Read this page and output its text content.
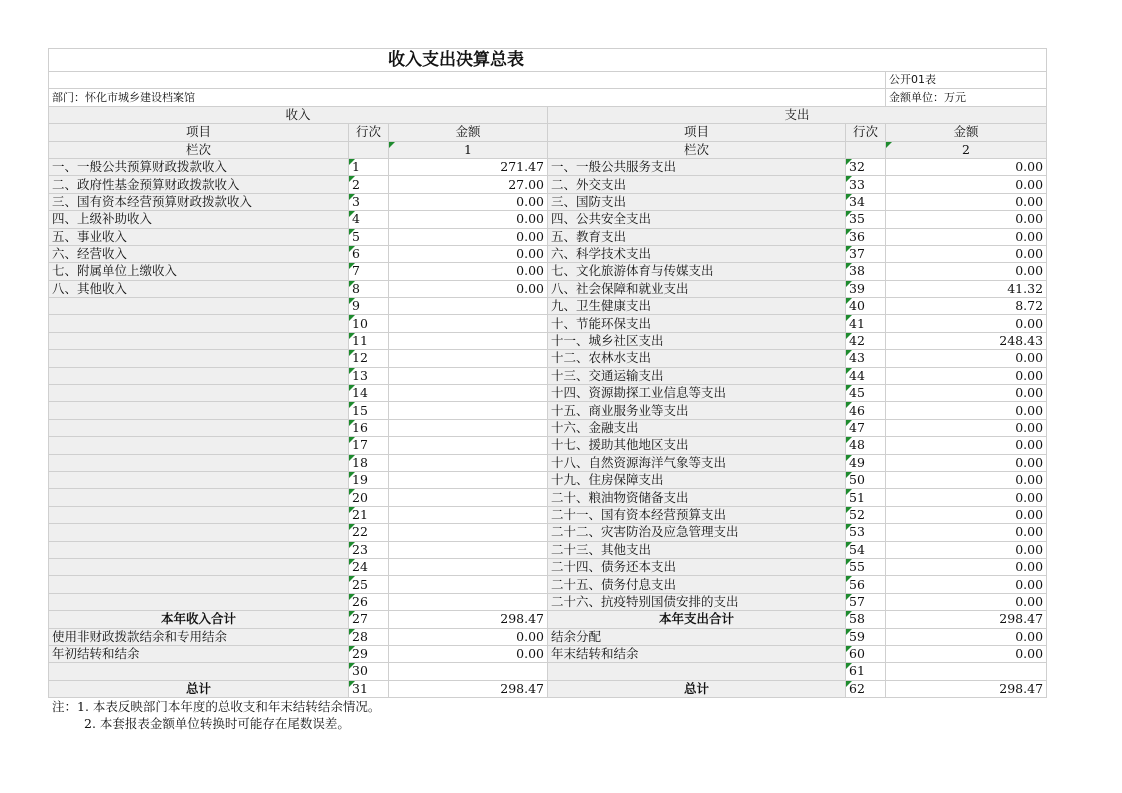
收入支出决算总表					
					公开01表
部门：怀化市城乡建设档案馆					金额单位：万元
收入			支出		
项目	行次	金额	项目	行次	金额
栏次		1	栏次		2
一、一般公共预算财政拨款收入	1	271.47	一、一般公共服务支出	32	0.00
二、政府性基金预算财政拨款收入	2	27.00	二、外交支出	33	0.00
三、国有资本经营预算财政拨款收入	3	0.00	三、国防支出	34	0.00
四、上级补助收入	4	0.00	四、公共安全支出	35	0.00
五、事业收入	5	0.00	五、教育支出	36	0.00
六、经营收入	6	0.00	六、科学技术支出	37	0.00
七、附属单位上缴收入	7	0.00	七、文化旅游体育与传媒支出	38	0.00
八、其他收入	8	0.00	八、社会保障和就业支出	39	41.32
	9		九、卫生健康支出	40	8.72
	10		十、节能环保支出	41	0.00
	11		十一、城乡社区支出	42	248.43
	12		十二、农林水支出	43	0.00
	13		十三、交通运输支出	44	0.00
	14		十四、资源勘探工业信息等支出	45	0.00
	15		十五、商业服务业等支出	46	0.00
	16		十六、金融支出	47	0.00
	17		十七、援助其他地区支出	48	0.00
	18		十八、自然资源海洋气象等支出	49	0.00
	19		十九、住房保障支出	50	0.00
	20		二十、粮油物资储备支出	51	0.00
	21		二十一、国有资本经营预算支出	52	0.00
	22		二十二、灾害防治及应急管理支出	53	0.00
	23		二十三、其他支出	54	0.00
	24		二十四、债务还本支出	55	0.00
	25		二十五、债务付息支出	56	0.00
	26		二十六、抗疫特别国债安排的支出	57	0.00
本年收入合计	27	298.47	本年支出合计	58	298.47
使用非财政拨款结余和专用结余	28	0.00	结余分配	59	0.00
年初结转和结余	29	0.00	年末结转和结余	60	0.00
	30			61	
总计	31	298.47	总计	62	298.47
注：1. 本表反映部门本年度的总收支和年末结转结余情况。
2. 本套报表金额单位转换时可能存在尾数误差。
